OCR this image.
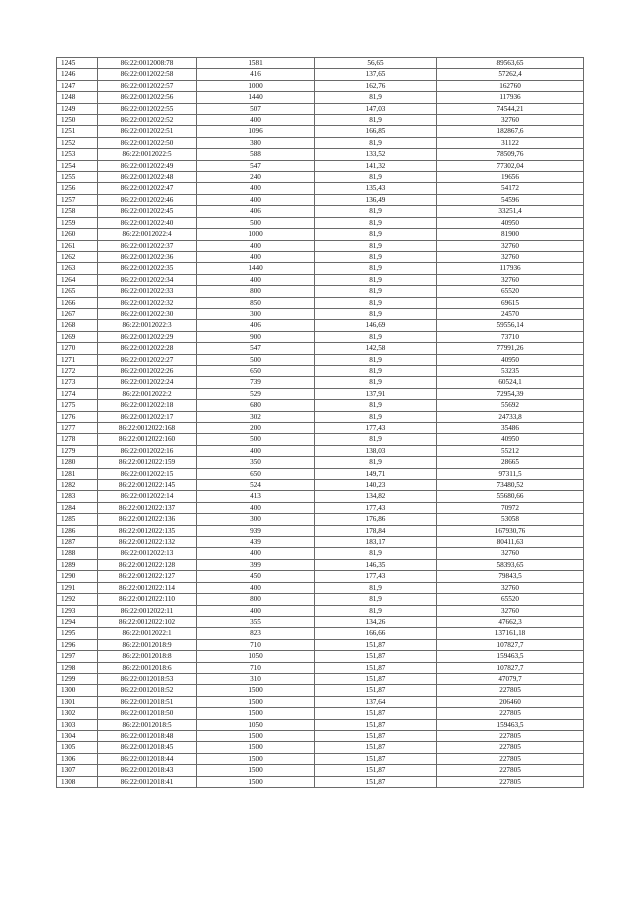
1245	86:22:0012008:78	1581	56,65	89563,65
1246	86:22:0012022:58	416	137,65	57262,4
1247	86:22:0012022:57	1000	162,76	162760
1248	86:22:0012022:56	1440	81,9	117936
1249	86:22:0012022:55	507	147,03	74544,21
1250	86:22:0012022:52	400	81,9	32760
1251	86:22:0012022:51	1096	166,85	182867,6
1252	86:22:0012022:50	380	81,9	31122
1253	86:22:0012022:5	588	133,52	78509,76
1254	86:22:0012022:49	547	141,32	77302,04
1255	86:22:0012022:48	240	81,9	19656
1256	86:22:0012022:47	400	135,43	54172
1257	86:22:0012022:46	400	136,49	54596
1258	86:22:0012022:45	406	81,9	33251,4
1259	86:22:0012022:40	500	81,9	40950
1260	86:22:0012022:4	1000	81,9	81900
1261	86:22:0012022:37	400	81,9	32760
1262	86:22:0012022:36	400	81,9	32760
1263	86:22:0012022:35	1440	81,9	117936
1264	86:22:0012022:34	400	81,9	32760
1265	86:22:0012022:33	800	81,9	65520
1266	86:22:0012022:32	850	81,9	69615
1267	86:22:0012022:30	300	81,9	24570
1268	86:22:0012022:3	406	146,69	59556,14
1269	86:22:0012022:29	900	81,9	73710
1270	86:22:0012022:28	547	142,58	77991,26
1271	86:22:0012022:27	500	81,9	40950
1272	86:22:0012022:26	650	81,9	53235
1273	86:22:0012022:24	739	81,9	60524,1
1274	86:22:0012022:2	529	137,91	72954,39
1275	86:22:0012022:18	680	81,9	55692
1276	86:22:0012022:17	302	81,9	24733,8
1277	86:22:0012022:168	200	177,43	35486
1278	86:22:0012022:160	500	81,9	40950
1279	86:22:0012022:16	400	138,03	55212
1280	86:22:0012022:159	350	81,9	28665
1281	86:22:0012022:15	650	149,71	97311,5
1282	86:22:0012022:145	524	140,23	73480,52
1283	86:22:0012022:14	413	134,82	55680,66
1284	86:22:0012022:137	400	177,43	70972
1285	86:22:0012022:136	300	176,86	53058
1286	86:22:0012022:135	939	178,84	167930,76
1287	86:22:0012022:132	439	183,17	80411,63
1288	86:22:0012022:13	400	81,9	32760
1289	86:22:0012022:128	399	146,35	58393,65
1290	86:22:0012022:127	450	177,43	79843,5
1291	86:22:0012022:114	400	81,9	32760
1292	86:22:0012022:110	800	81,9	65520
1293	86:22:0012022:11	400	81,9	32760
1294	86:22:0012022:102	355	134,26	47662,3
1295	86:22:0012022:1	823	166,66	137161,18
1296	86:22:0012018:9	710	151,87	107827,7
1297	86:22:0012018:8	1050	151,87	159463,5
1298	86:22:0012018:6	710	151,87	107827,7
1299	86:22:0012018:53	310	151,87	47079,7
1300	86:22:0012018:52	1500	151,87	227805
1301	86:22:0012018:51	1500	137,64	206460
1302	86:22:0012018:50	1500	151,87	227805
1303	86:22:0012018:5	1050	151,87	159463,5
1304	86:22:0012018:48	1500	151,87	227805
1305	86:22:0012018:45	1500	151,87	227805
1306	86:22:0012018:44	1500	151,87	227805
1307	86:22:0012018:43	1500	151,87	227805
1308	86:22:0012018:41	1500	151,87	227805
